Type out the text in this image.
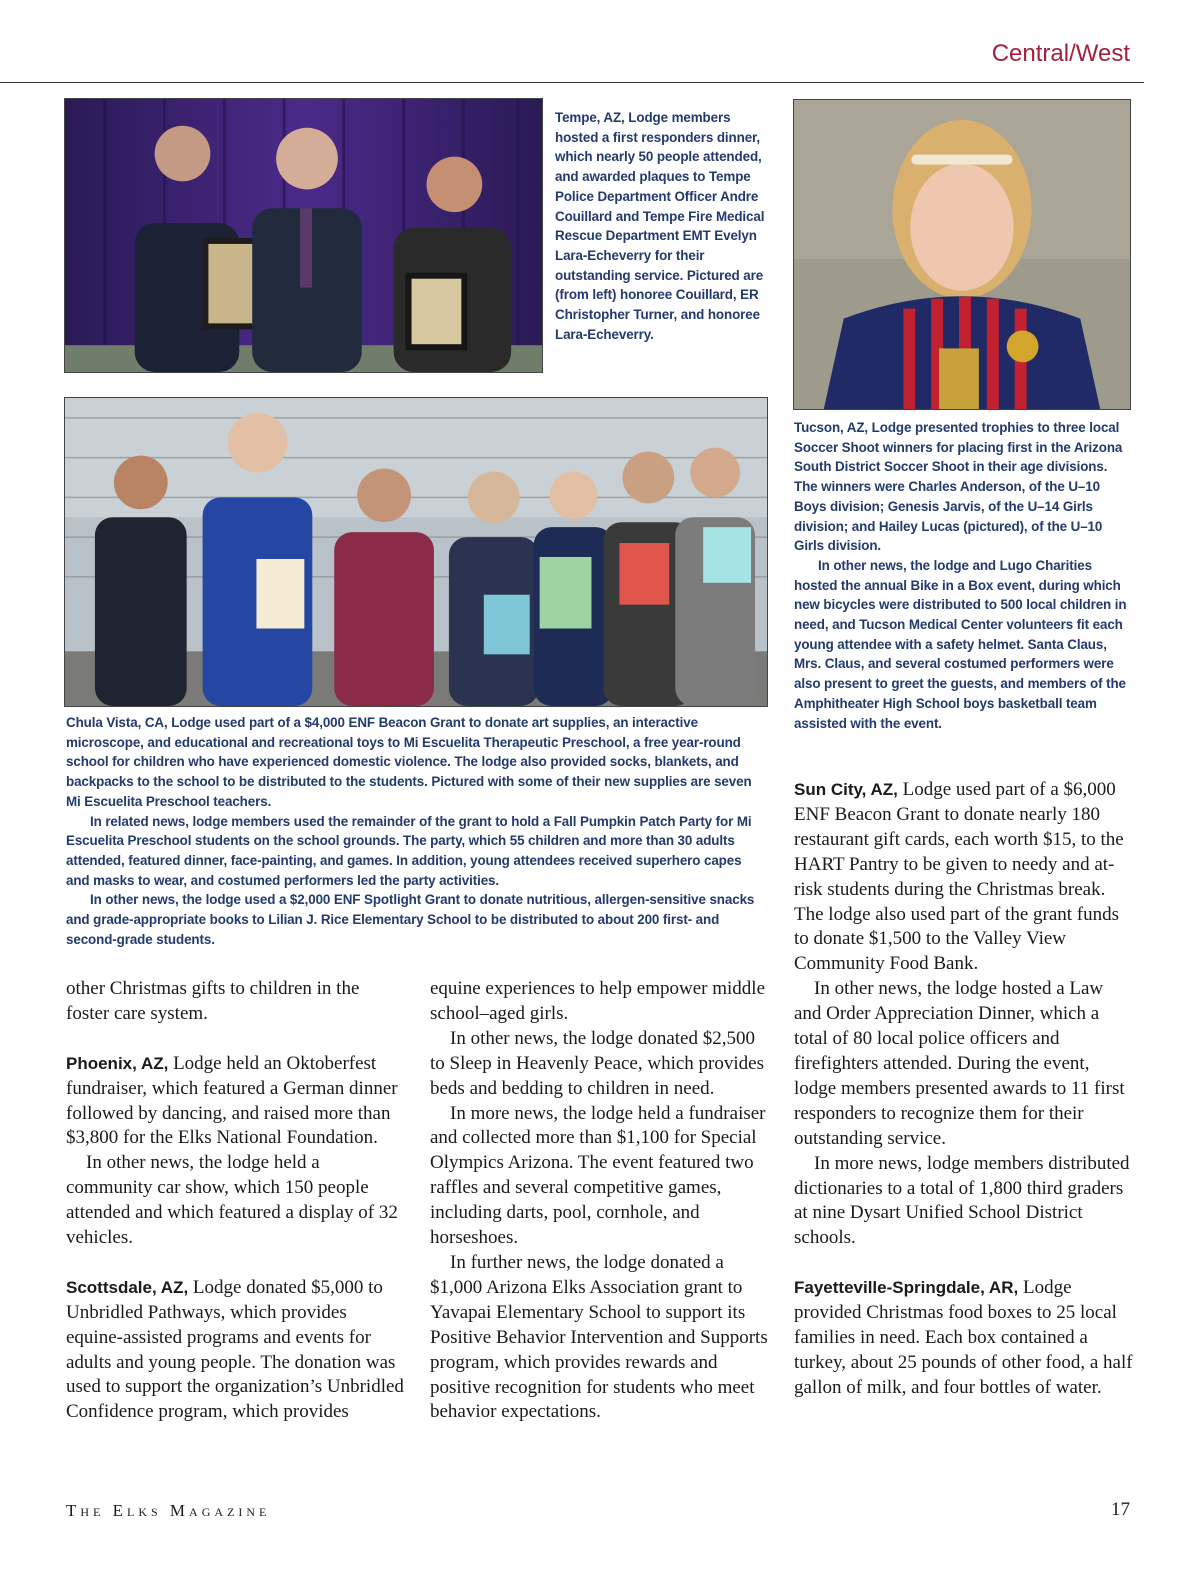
Central/West

Tempe, AZ, Lodge members hosted a first responders dinner, which nearly 50 people attended, and awarded plaques to Tempe Police Department Officer Andre Couillard and Tempe Fire Medical Rescue Department EMT Evelyn Lara-Echeverry for their outstanding service. Pictured are (from left) honoree Couillard, ER Christopher Turner, and honoree Lara-Echeverry.

Tucson, AZ, Lodge presented trophies to three local Soccer Shoot winners for placing first in the Arizona South District Soccer Shoot in their age divisions. The winners were Charles Anderson, of the U–10 Boys division; Genesis Jarvis, of the U–14 Girls division; and Hailey Lucas (pictured), of the U–10 Girls division.

In other news, the lodge and Lugo Charities hosted the annual Bike in a Box event, during which new bicycles were distributed to 500 local children in need, and Tucson Medical Center volunteers fit each young attendee with a safety helmet. Santa Claus, Mrs. Claus, and several costumed performers were also present to greet the guests, and members of the Amphitheater High School boys basketball team assisted with the event.

Chula Vista, CA, Lodge used part of a $4,000 ENF Beacon Grant to donate art supplies, an interactive microscope, and educational and recreational toys to Mi Escuelita Therapeutic Preschool, a free year-round school for children who have experienced domestic violence. The lodge also provided socks, blankets, and backpacks to the school to be distributed to the students. Pictured with some of their new supplies are seven Mi Escuelita Preschool teachers.

In related news, lodge members used the remainder of the grant to hold a Fall Pumpkin Patch Party for Mi Escuelita Preschool students on the school grounds. The party, which 55 children and more than 30 adults attended, featured dinner, face-painting, and games. In addition, young attendees received superhero capes and masks to wear, and costumed performers led the party activities.

In other news, the lodge used a $2,000 ENF Spotlight Grant to donate nutritious, allergen-sensitive snacks and grade-appropriate books to Lilian J. Rice Elementary School to be distributed to about 200 first- and second-grade students.

other Christmas gifts to children in the foster care system.

Phoenix, AZ, Lodge held an Oktoberfest fundraiser, which featured a German dinner followed by dancing, and raised more than $3,800 for the Elks National Foundation.

In other news, the lodge held a community car show, which 150 people attended and which featured a display of 32 vehicles.

Scottsdale, AZ, Lodge donated $5,000 to Unbridled Pathways, which provides equine-assisted programs and events for adults and young people. The donation was used to support the organization’s Unbridled Confidence program, which provides

equine experiences to help empower middle school–aged girls.

In other news, the lodge donated $2,500 to Sleep in Heavenly Peace, which provides beds and bedding to children in need.

In more news, the lodge held a fundraiser and collected more than $1,100 for Special Olympics Arizona. The event featured two raffles and several competitive games, including darts, pool, cornhole, and horseshoes.

In further news, the lodge donated a $1,000 Arizona Elks Association grant to Yavapai Elementary School to support its Positive Behavior Intervention and Supports program, which provides rewards and positive recognition for students who meet behavior expectations.

Sun City, AZ, Lodge used part of a $6,000 ENF Beacon Grant to donate nearly 180 restaurant gift cards, each worth $15, to the HART Pantry to be given to needy and at-risk students during the Christmas break. The lodge also used part of the grant funds to donate $1,500 to the Valley View Community Food Bank.

In other news, the lodge hosted a Law and Order Appreciation Dinner, which a total of 80 local police officers and firefighters attended. During the event, lodge members presented awards to 11 first responders to recognize them for their outstanding service.

In more news, lodge members distributed dictionaries to a total of 1,800 third graders at nine Dysart Unified School District schools.

Fayetteville-Springdale, AR, Lodge provided Christmas food boxes to 25 local families in need. Each box contained a turkey, about 25 pounds of other food, a half gallon of milk, and four bottles of water.

The Elks Magazine	17
